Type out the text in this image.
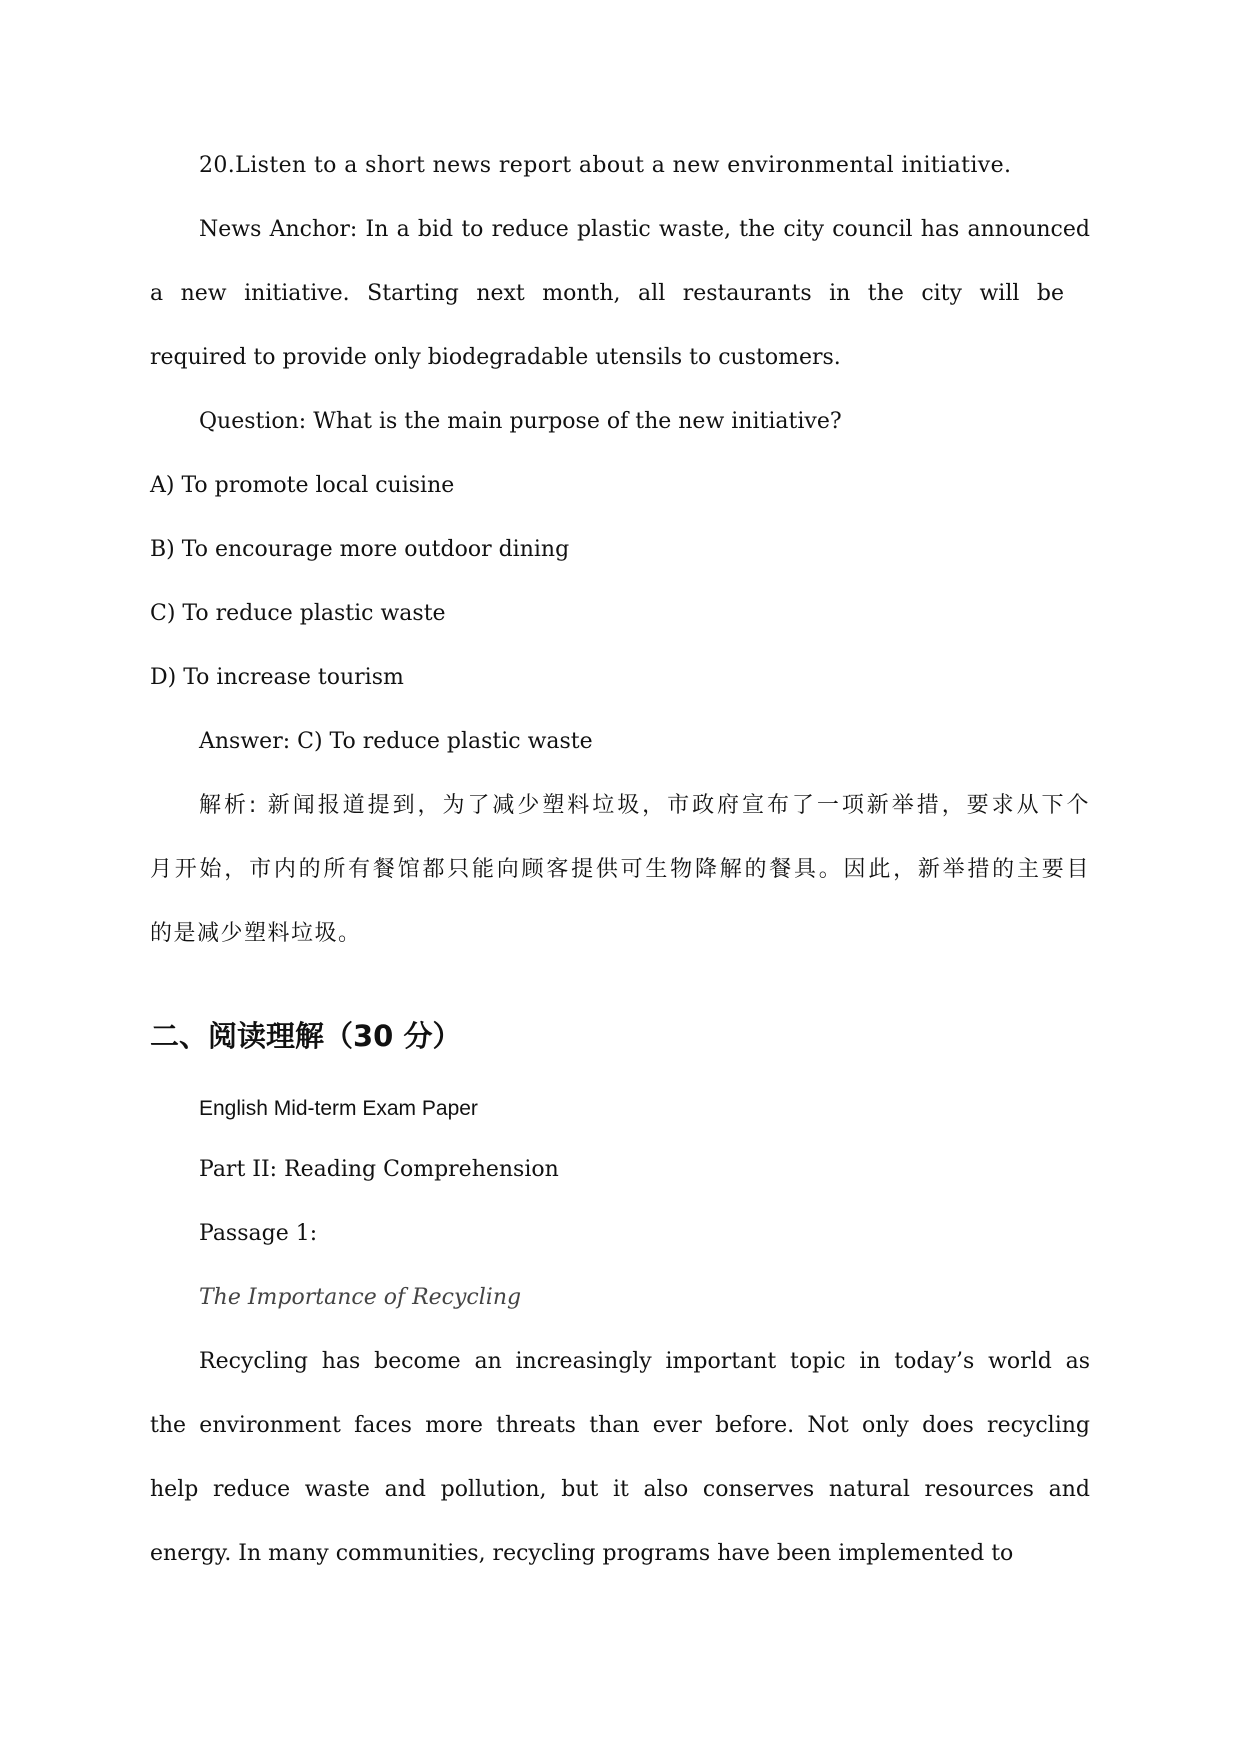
20.Listen to a short news report about a new environmental initiative.
News Anchor: In a bid to reduce plastic waste, the city council has announced
a new initiative. Starting next month, all restaurants in the city will be
required to provide only biodegradable utensils to customers.
Question: What is the main purpose of the new initiative?
A) To promote local cuisine
B) To encourage more outdoor dining
C) To reduce plastic waste
D) To increase tourism
Answer: C) To reduce plastic waste
解析: 新闻报道提到，为了减少塑料垃圾，市政府宣布了一项新举措，要求从下个
月开始，市内的所有餐馆都只能向顾客提供可生物降解的餐具。因此，新举措的主要目
的是减少塑料垃圾。
二、阅读理解（30 分）
English Mid-term Exam Paper
Part II: Reading Comprehension
Passage 1:
The Importance of Recycling
Recycling has become an increasingly important topic in today’s world as
the environment faces more threats than ever before. Not only does recycling
help reduce waste and pollution, but it also conserves natural resources and
energy. In many communities, recycling programs have been implemented to
